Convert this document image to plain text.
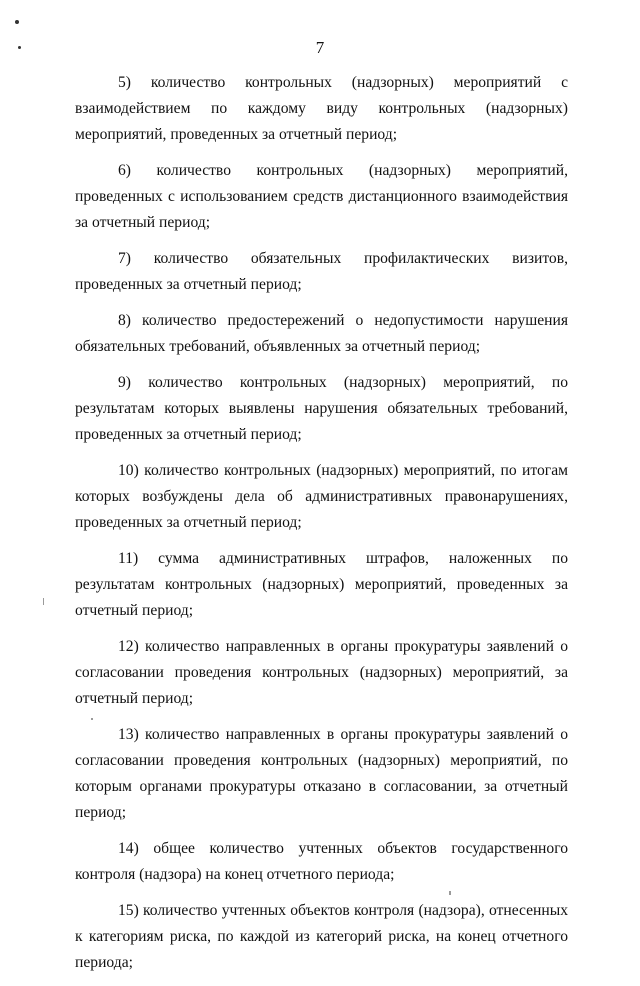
7

5) количество контрольных (надзорных) мероприятий с взаимодействием по каждому виду контрольных (надзорных) мероприятий, проведенных за отчетный период;

6) количество контрольных (надзорных) мероприятий, проведенных с использованием средств дистанционного взаимодействия за отчетный период;

7) количество обязательных профилактических визитов, проведенных за отчетный период;

8) количество предостережений о недопустимости нарушения обязательных требований, объявленных за отчетный период;

9) количество контрольных (надзорных) мероприятий, по результатам которых выявлены нарушения обязательных требований, проведенных за отчетный период;

10) количество контрольных (надзорных) мероприятий, по итогам которых возбуждены дела об административных правонарушениях, проведенных за отчетный период;

11) сумма административных штрафов, наложенных по результатам контрольных (надзорных) мероприятий, проведенных за отчетный период;

12) количество направленных в органы прокуратуры заявлений о согласовании проведения контрольных (надзорных) мероприятий, за отчетный период;

13) количество направленных в органы прокуратуры заявлений о согласовании проведения контрольных (надзорных) мероприятий, по которым органами прокуратуры отказано в согласовании, за отчетный период;

14) общее количество учтенных объектов государственного контроля (надзора) на конец отчетного периода;

15) количество учтенных объектов контроля (надзора), отнесенных к категориям риска, по каждой из категорий риска, на конец отчетного периода;
